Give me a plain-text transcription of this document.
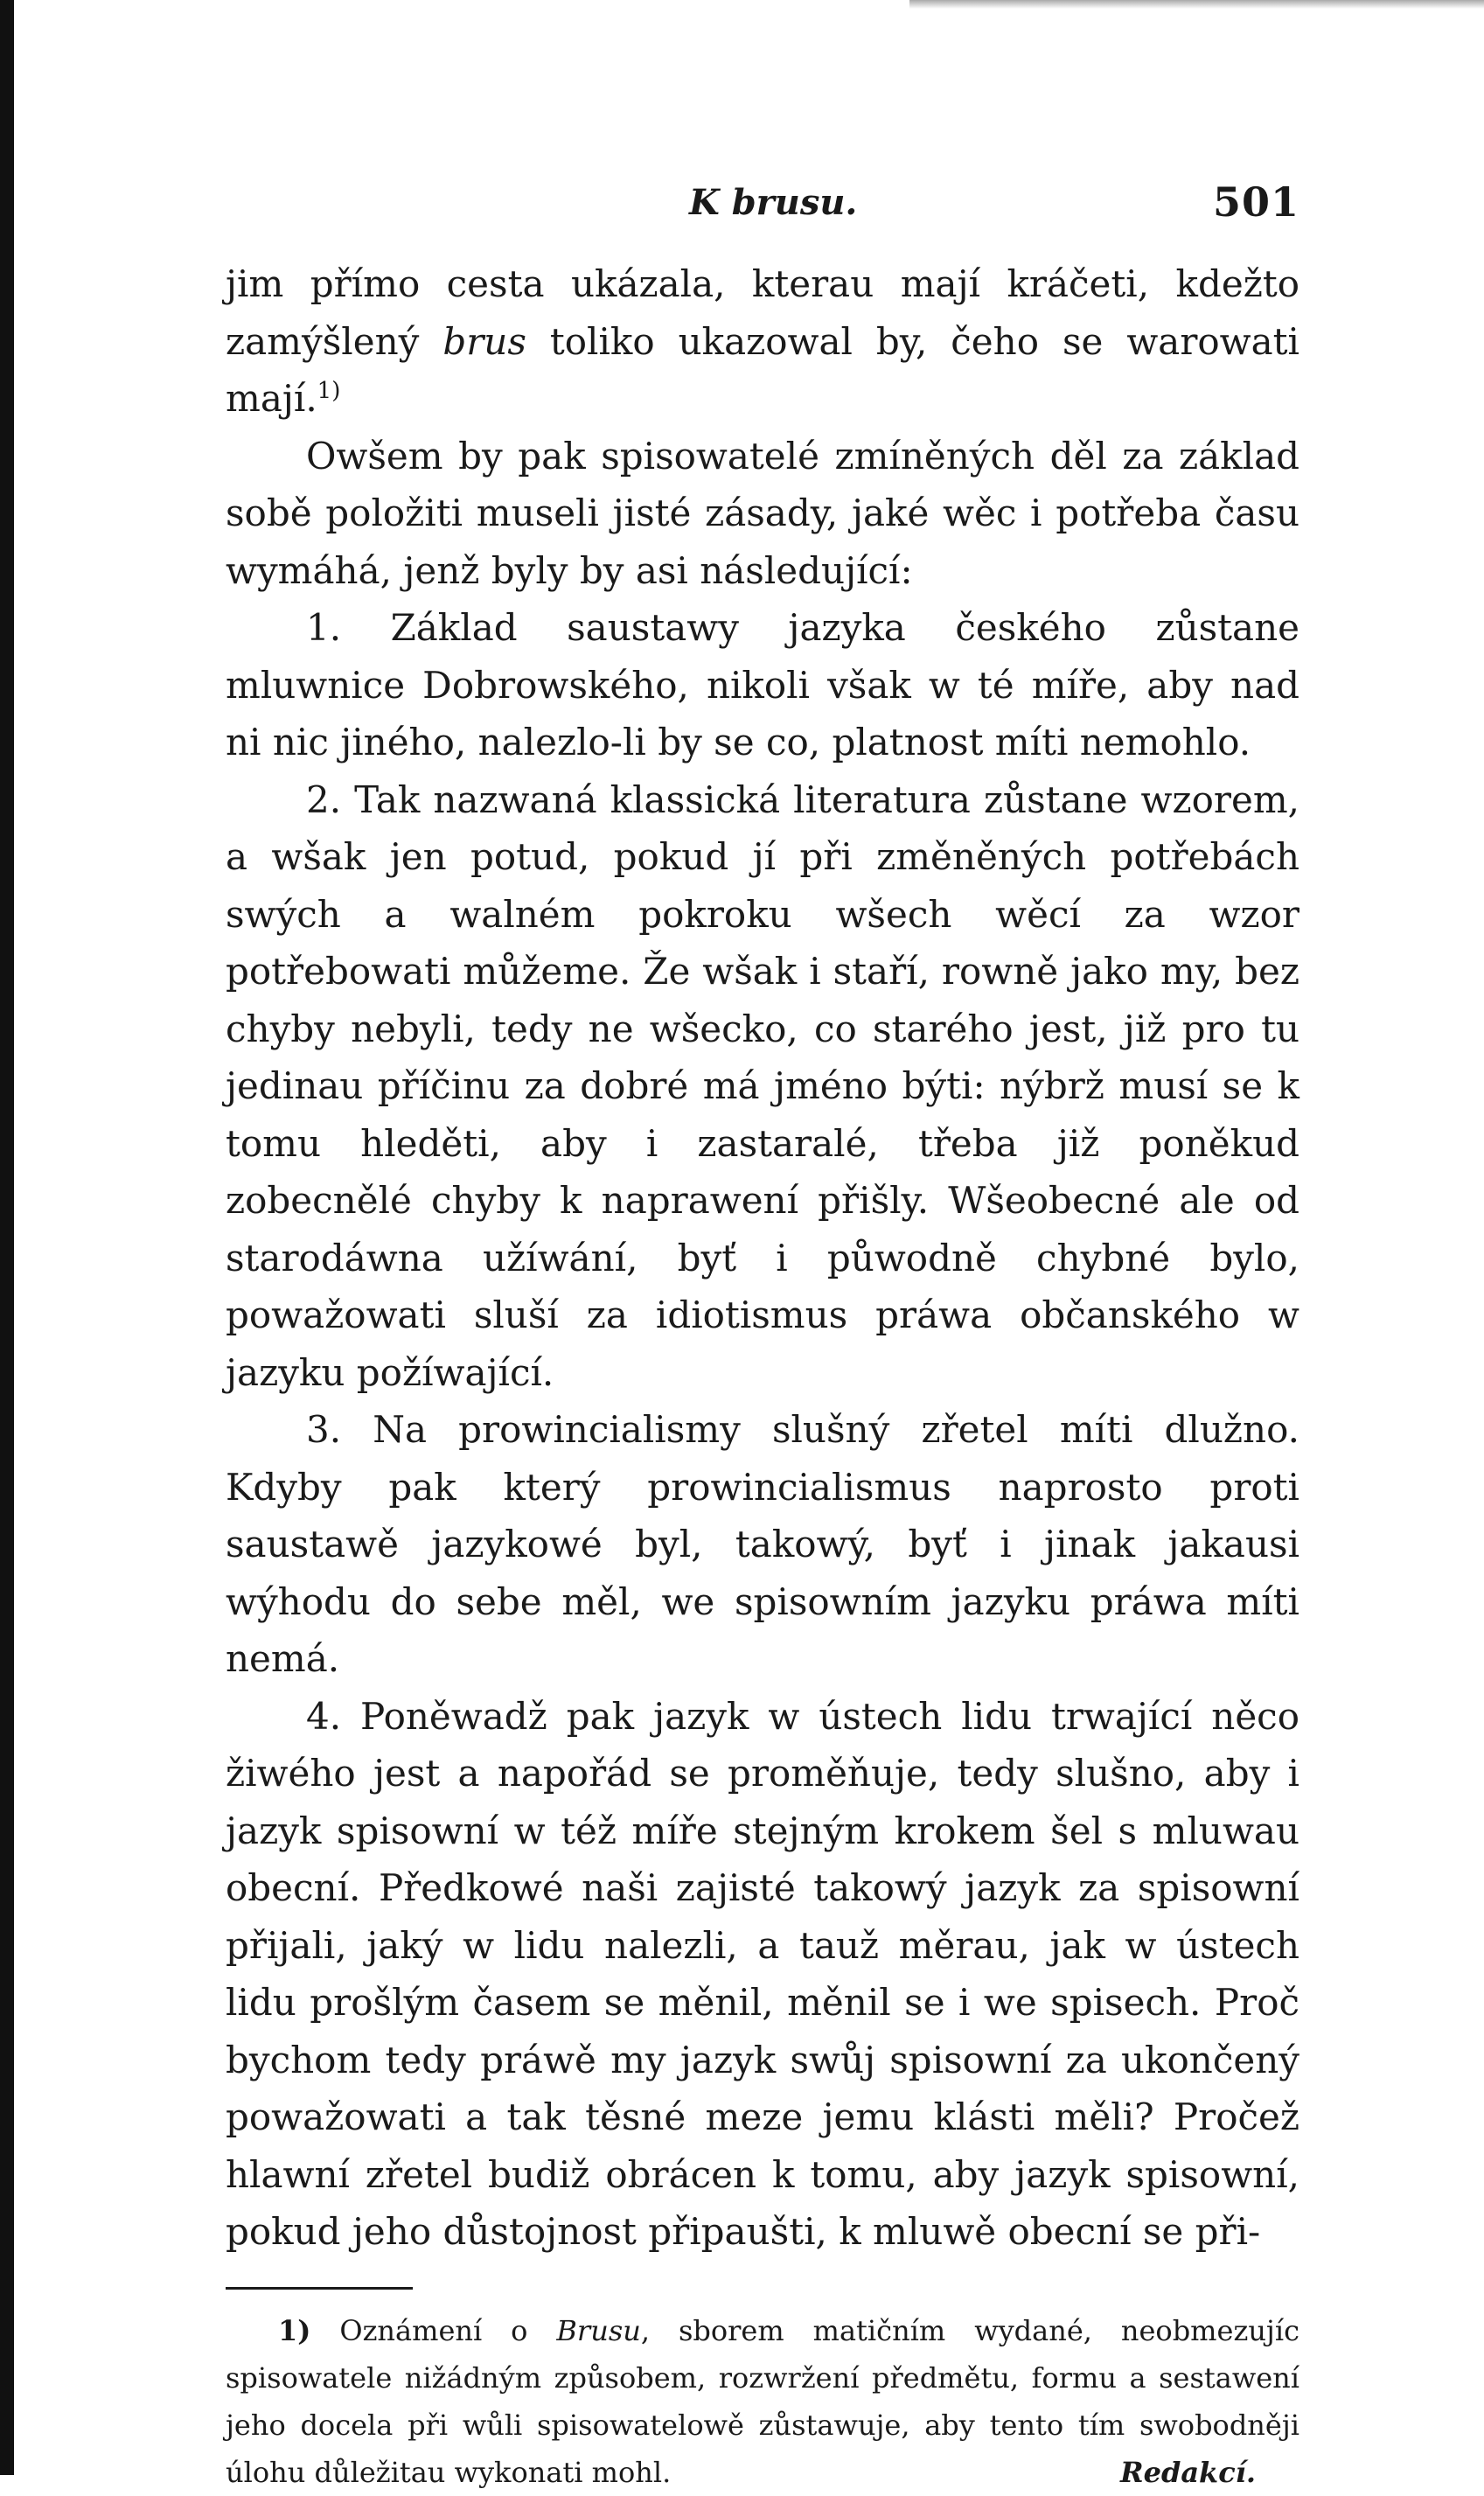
K brusu.	501

jim přímo cesta ukázala, kterau mají kráčeti, kdežto zamýšlený brus toliko ukazowal by, čeho se warowati mají.$^{1)}$

Owšem by pak spisowatelé zmíněných děl za základ sobě položiti museli jisté zásady, jaké wěc i potřeba času wymáhá, jenž byly by asi následující:

1. Základ saustawy jazyka českého zůstane mluwnice Dobrowského, nikoli však w té míře, aby nad ni nic jiného, nalezlo-li by se co, platnost míti nemohlo.

2. Tak nazwaná klassická literatura zůstane wzorem, a wšak jen potud, pokud jí při změněných potřebách swých a walném pokroku wšech wěcí za wzor potřebowati můžeme. Že wšak i staří, rowně jako my, bez chyby nebyli, tedy ne wšecko, co starého jest, již pro tu jedinau příčinu za dobré má jméno býti: nýbrž musí se k tomu hleděti, aby i zastaralé, třeba již poněkud zobecnělé chyby k naprawení přišly. Wšeobecné ale od starodáwna užíwání, byť i půwodně chybné bylo, powažowati sluší za idiotismus práwa občanského w jazyku požíwající.

3. Na prowincialismy slušný zřetel míti dlužno. Kdyby pak který prowincialismus naprosto proti saustawě jazykowé byl, takowý, byť i jinak jakausi wýhodu do sebe měl, we spisowním jazyku práwa míti nemá.

4. Poněwadž pak jazyk w ústech lidu trwající něco žiwého jest a napořád se proměňuje, tedy slušno, aby i jazyk spisowní w též míře stejným krokem šel s mluwau obecní. Předkowé naši zajisté takowý jazyk za spisowní přijali, jaký w lidu nalezli, a tauž měrau, jak w ústech lidu prošlým časem se měnil, měnil se i we spisech. Proč bychom tedy práwě my jazyk swůj spisowní za ukončený powažowati a tak těsné meze jemu klásti měli? Pročež hlawní zřetel budiž obrácen k tomu, aby jazyk spisowní, pokud jeho důstojnost připaušti, k mluwě obecní se při-

1) Oznámení o Brusu, sborem matičním wydané, neobmezujíc spisowatele nižádným způsobem, rozwržení předmětu, formu a sestawení jeho docela při wůli spisowatelowě zůstawuje, aby tento tím swobodněji úlohu důležitau wykonati mohl.	Redakcí.
